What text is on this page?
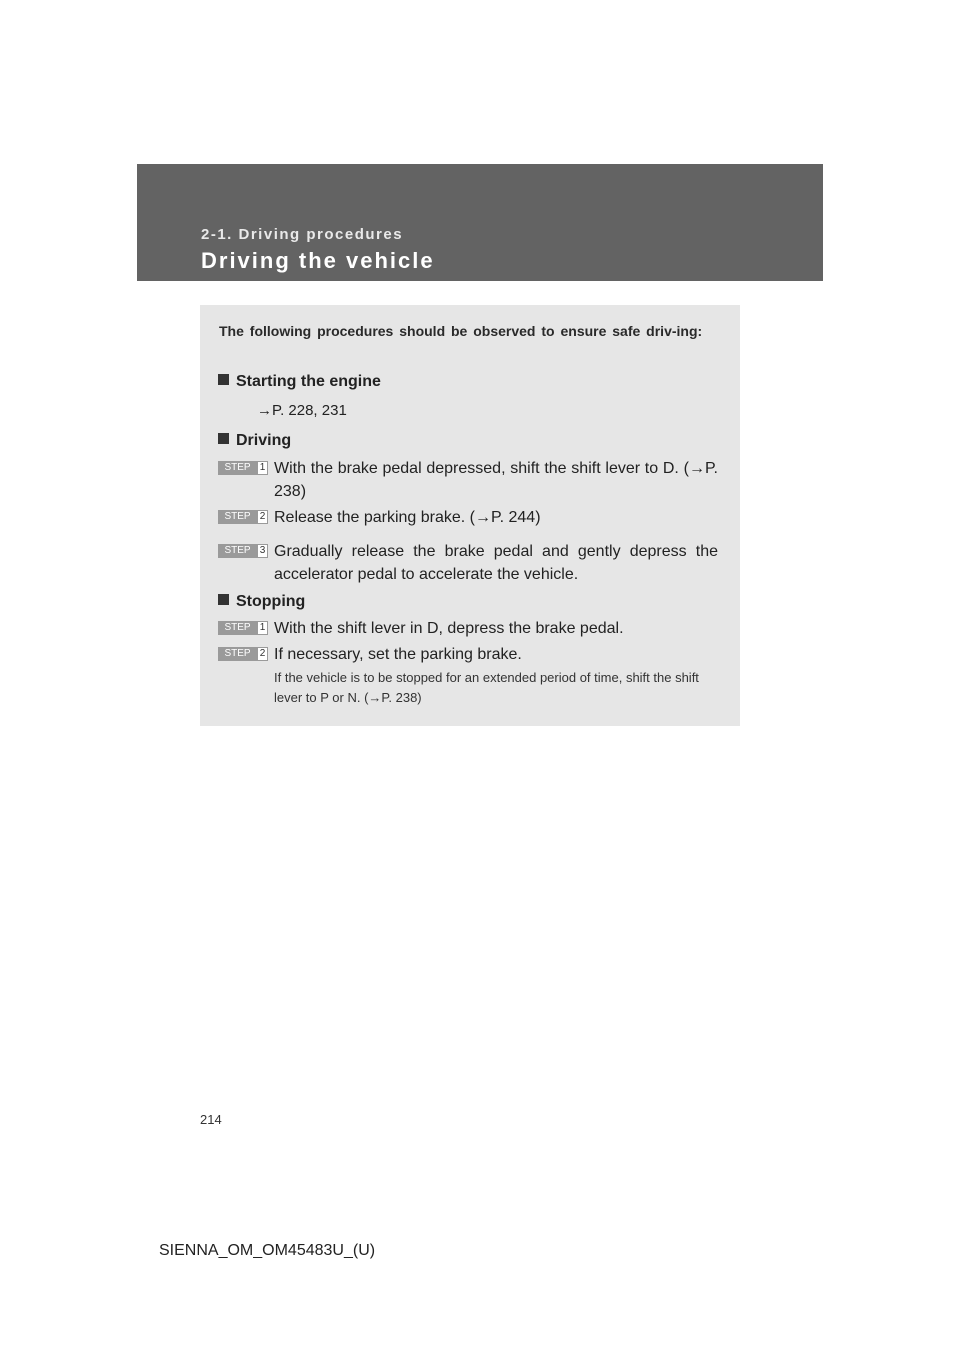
2-1. Driving procedures
Driving the vehicle
The following procedures should be observed to ensure safe driv-ing:
Starting the engine
→P. 228, 231
Driving
STEP 1 With the brake pedal depressed, shift the shift lever to D. (→P. 238)
STEP 2 Release the parking brake. (→P. 244)
STEP 3 Gradually release the brake pedal and gently depress the accelerator pedal to accelerate the vehicle.
Stopping
STEP 1 With the shift lever in D, depress the brake pedal.
STEP 2 If necessary, set the parking brake.
If the vehicle is to be stopped for an extended period of time, shift the shift lever to P or N. (→P. 238)
214
SIENNA_OM_OM45483U_(U)
